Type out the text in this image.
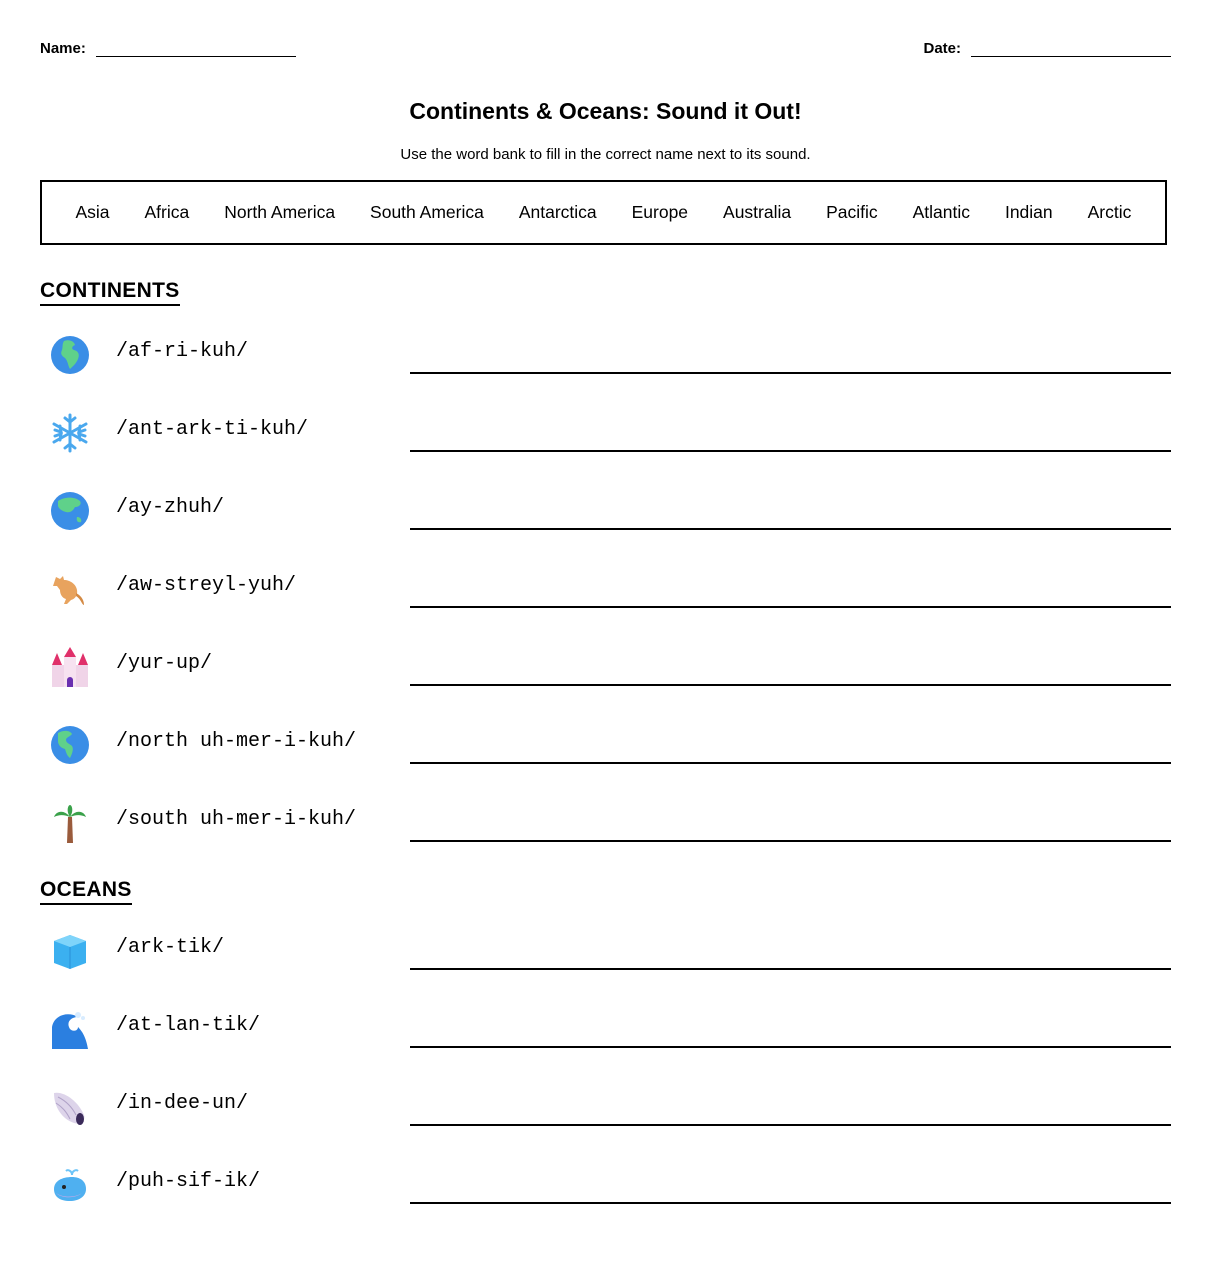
Name:	Date:
Continents & Oceans: Sound it Out!
Use the word bank to fill in the correct name next to its sound.
Asia Africa North America South America Antarctica Europe Australia Pacific Atlantic Indian Arctic
CONTINENTS
/af-ri-kuh/
/ant-ark-ti-kuh/
/ay-zhuh/
/aw-streyl-yuh/
/yur-up/
/north uh-mer-i-kuh/
/south uh-mer-i-kuh/
OCEANS
/ark-tik/
/at-lan-tik/
/in-dee-un/
/puh-sif-ik/
